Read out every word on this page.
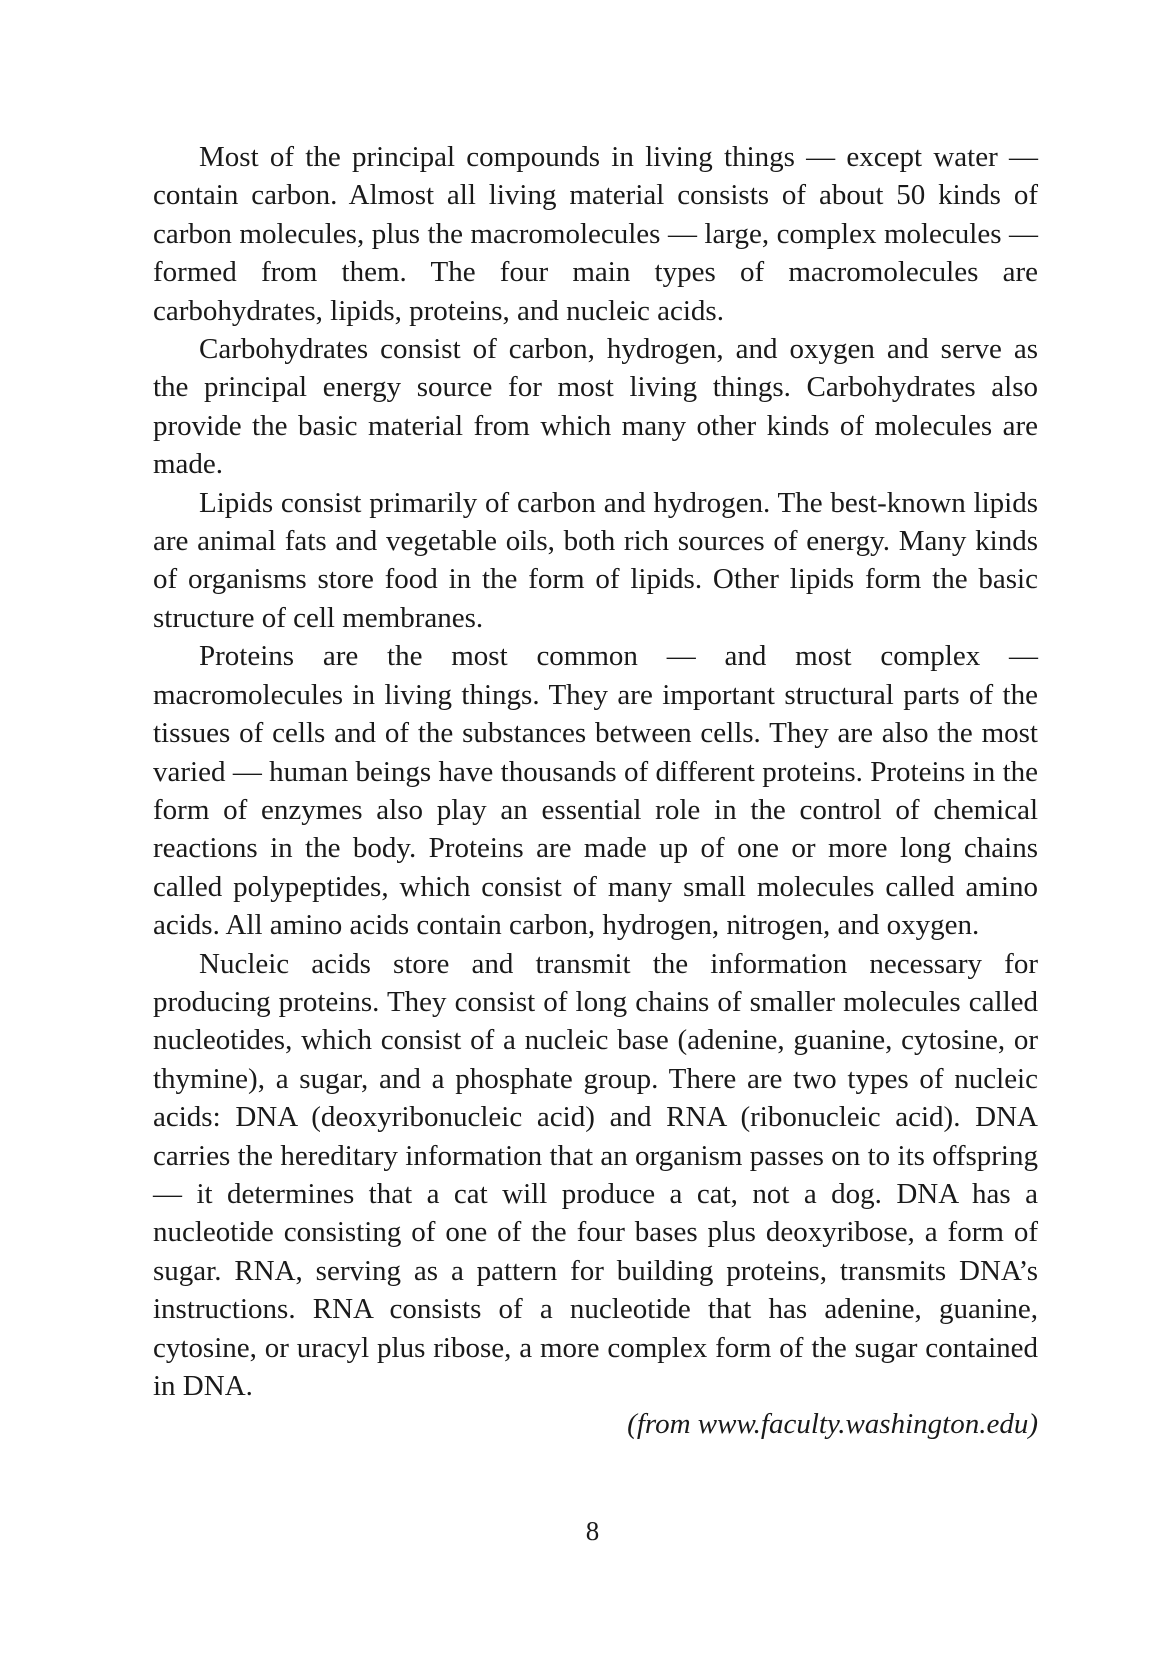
Most of the principal compounds in living things — except water — contain carbon. Almost all living material consists of about 50 kinds of carbon molecules, plus the macromolecules — large, complex molecules — formed from them. The four main types of macromolecules are carbohydrates, lipids, proteins, and nucleic acids.

Carbohydrates consist of carbon, hydrogen, and oxygen and serve as the principal energy source for most living things. Carbohydrates also provide the basic material from which many other kinds of molecules are made.

Lipids consist primarily of carbon and hydrogen. The best-known lipids are animal fats and vegetable oils, both rich sources of energy. Many kinds of organisms store food in the form of lipids. Other lipids form the basic structure of cell membranes.

Proteins are the most common — and most complex — macromolecules in living things. They are important structural parts of the tissues of cells and of the substances between cells. They are also the most varied — human beings have thousands of different proteins. Proteins in the form of enzymes also play an essential role in the control of chemical reactions in the body. Proteins are made up of one or more long chains called polypeptides, which consist of many small molecules called amino acids. All amino acids contain carbon, hydrogen, nitrogen, and oxygen.

Nucleic acids store and transmit the information necessary for producing proteins. They consist of long chains of smaller molecules called nucleotides, which consist of a nucleic base (adenine, guanine, cytosine, or thymine), a sugar, and a phosphate group. There are two types of nucleic acids: DNA (deoxyribonucleic acid) and RNA (ribonucleic acid). DNA carries the hereditary information that an organism passes on to its offspring — it determines that a cat will produce a cat, not a dog. DNA has a nucleotide consisting of one of the four bases plus deoxyribose, a form of sugar. RNA, serving as a pattern for building proteins, transmits DNA’s instructions. RNA consists of a nucleotide that has adenine, guanine, cytosine, or uracyl plus ribose, a more complex form of the sugar contained in DNA.

(from www.faculty.washington.edu)

8
